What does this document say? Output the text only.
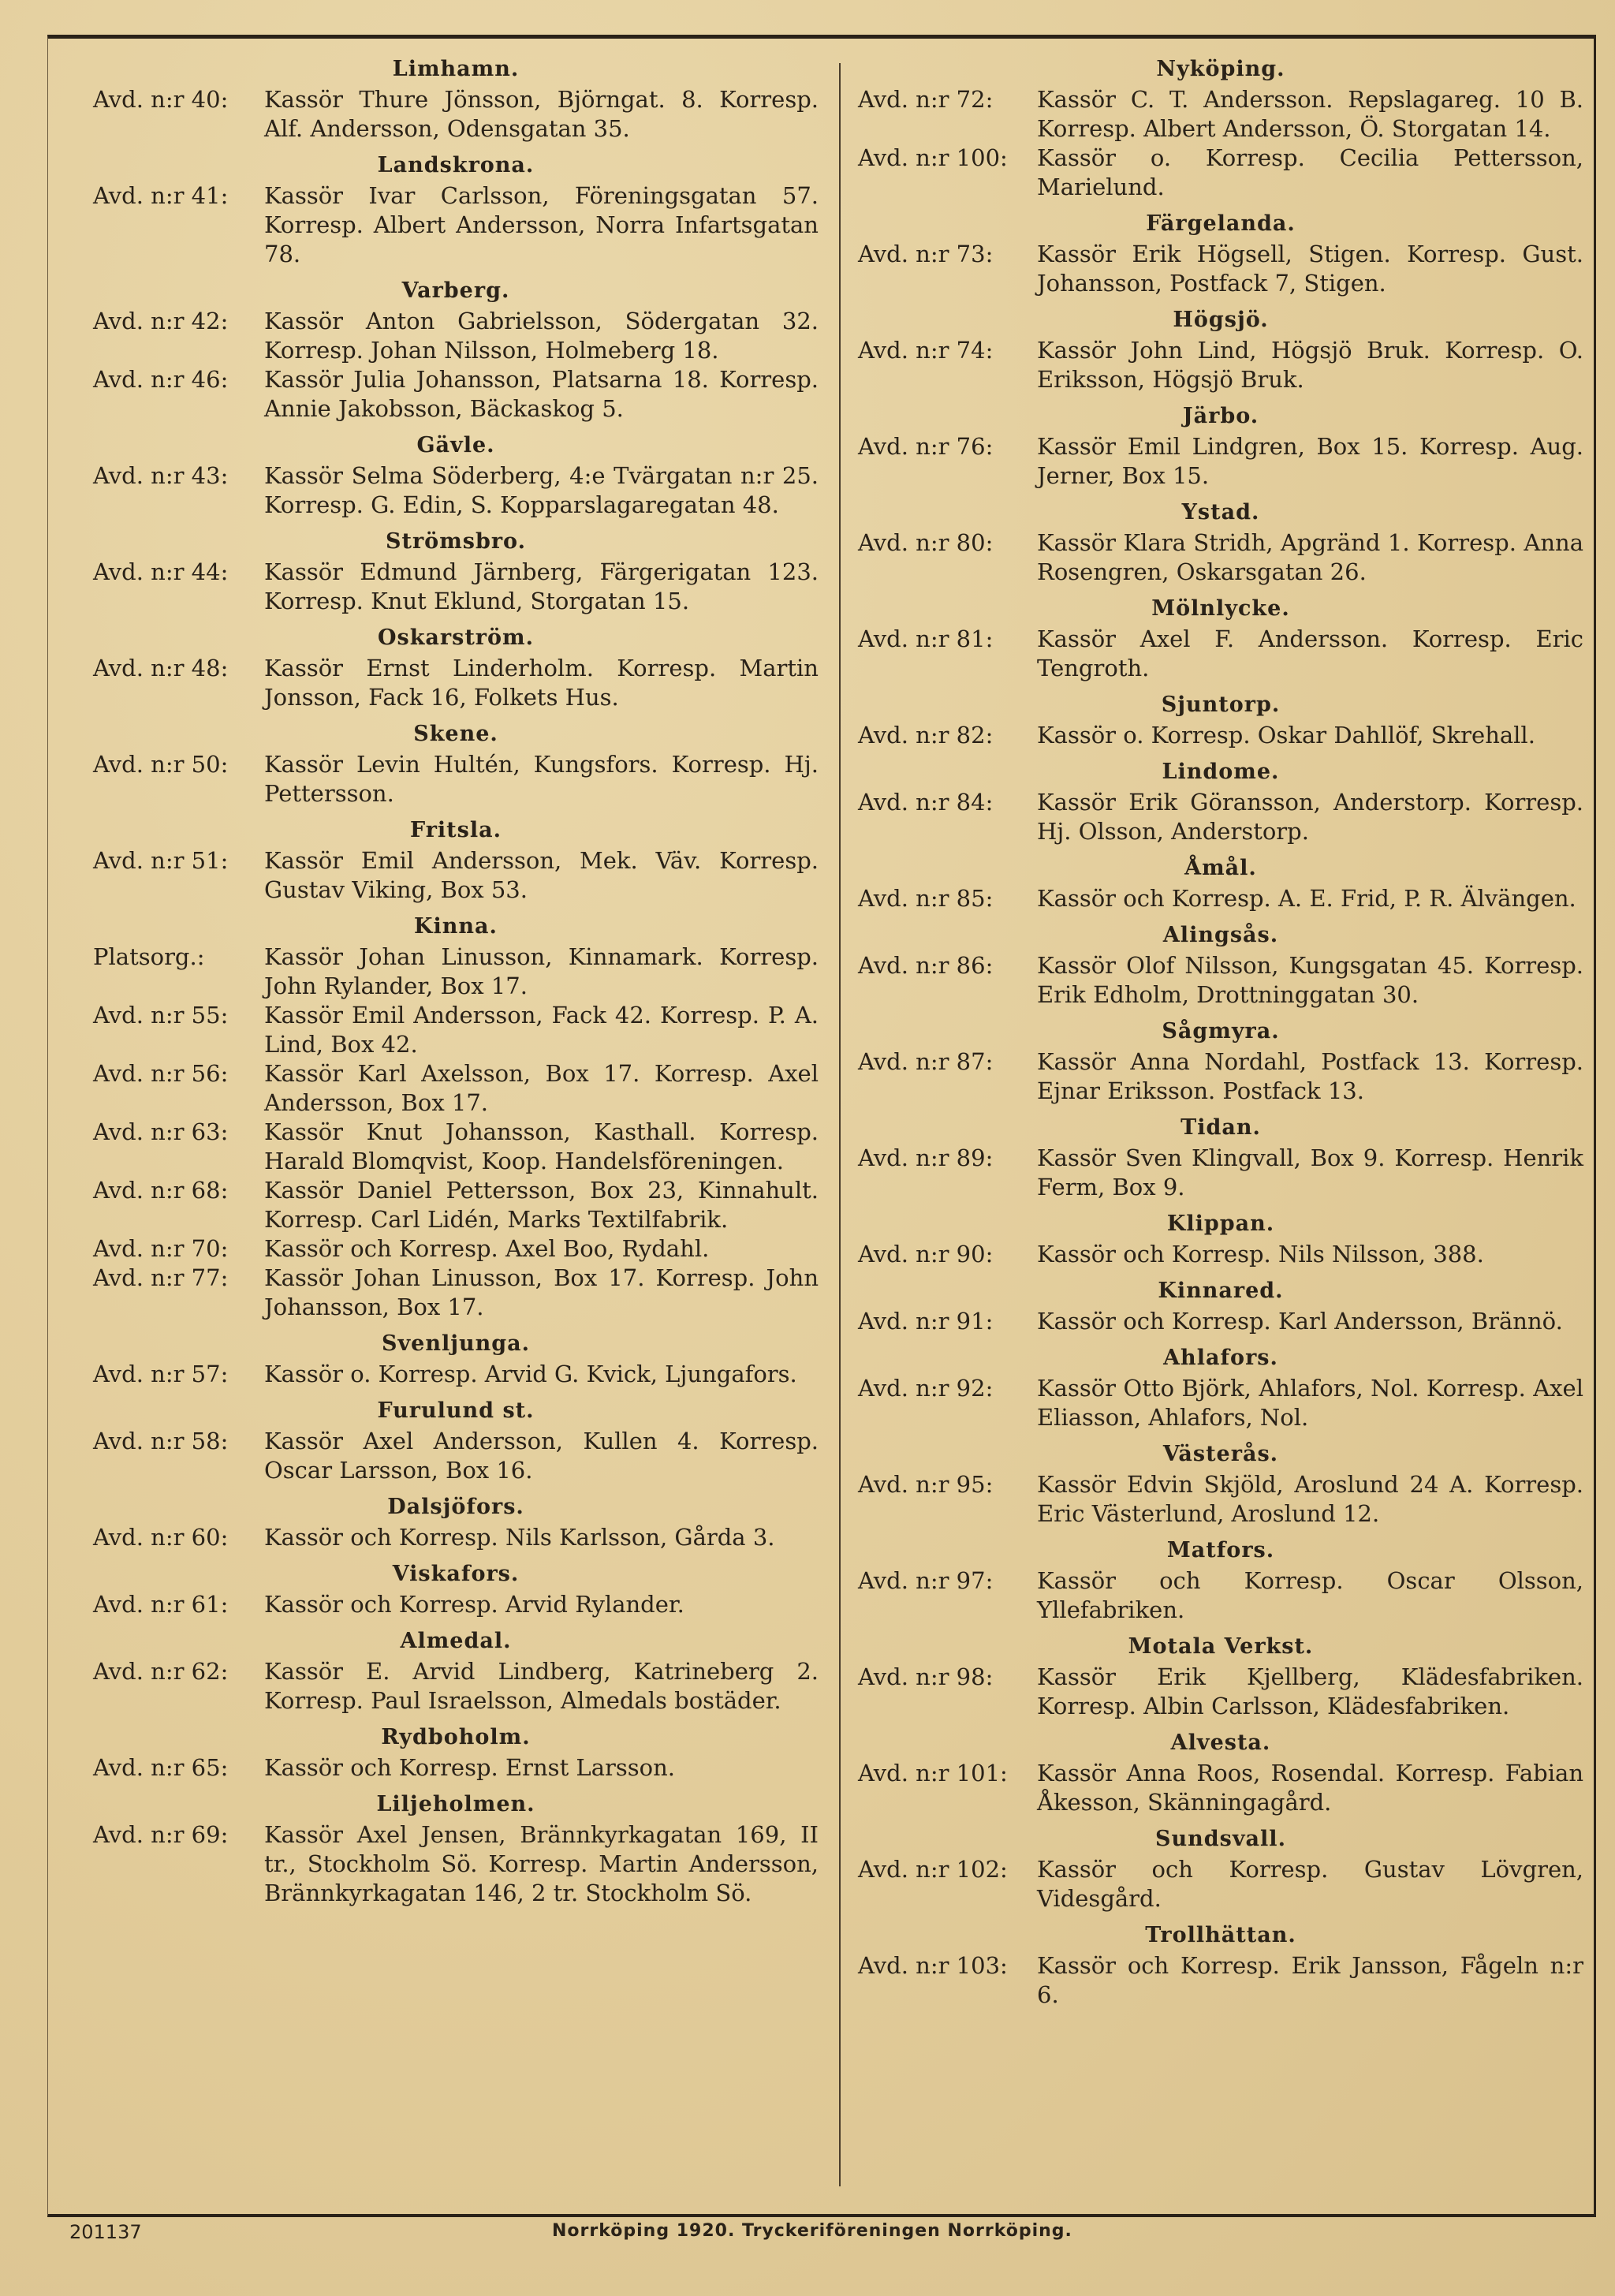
Limhamn.
Avd. n:r 40:	Kassör Thure Jönsson, Björngat. 8. Korresp. Alf. Andersson, Odensgatan 35.
Landskrona.
Avd. n:r 41:	Kassör Ivar Carlsson, Föreningsgatan 57. Korresp. Albert Andersson, Norra Infartsgatan 78.
Varberg.
Avd. n:r 42:	Kassör Anton Gabrielsson, Södergatan 32. Korresp. Johan Nilsson, Holmeberg 18.
Avd. n:r 46:	Kassör Julia Johansson, Platsarna 18. Korresp. Annie Jakobsson, Bäckaskog 5.
Gävle.
Avd. n:r 43:	Kassör Selma Söderberg, 4:e Tvärgatan n:r 25. Korresp. G. Edin, S. Kopparslagaregatan 48.
Strömsbro.
Avd. n:r 44:	Kassör Edmund Järnberg, Färgerigatan 123. Korresp. Knut Eklund, Storgatan 15.
Oskarström.
Avd. n:r 48:	Kassör Ernst Linderholm. Korresp. Martin Jonsson, Fack 16, Folkets Hus.
Skene.
Avd. n:r 50:	Kassör Levin Hultén, Kungsfors. Korresp. Hj. Pettersson.
Fritsla.
Avd. n:r 51:	Kassör Emil Andersson, Mek. Väv. Korresp. Gustav Viking, Box 53.
Kinna.
Platsorg.:	Kassör Johan Linusson, Kinnamark. Korresp. John Rylander, Box 17.
Avd. n:r 55:	Kassör Emil Andersson, Fack 42. Korresp. P. A. Lind, Box 42.
Avd. n:r 56:	Kassör Karl Axelsson, Box 17. Korresp. Axel Andersson, Box 17.
Avd. n:r 63:	Kassör Knut Johansson, Kasthall. Korresp. Harald Blomqvist, Koop. Handelsföreningen.
Avd. n:r 68:	Kassör Daniel Pettersson, Box 23, Kinnahult. Korresp. Carl Lidén, Marks Textilfabrik.
Avd. n:r 70:	Kassör och Korresp. Axel Boo, Rydahl.
Avd. n:r 77:	Kassör Johan Linusson, Box 17. Korresp. John Johansson, Box 17.
Svenljunga.
Avd. n:r 57:	Kassör o. Korresp. Arvid G. Kvick, Ljungafors.
Furulund st.
Avd. n:r 58:	Kassör Axel Andersson, Kullen 4. Korresp. Oscar Larsson, Box 16.
Dalsjöfors.
Avd. n:r 60:	Kassör och Korresp. Nils Karlsson, Gårda 3.
Viskafors.
Avd. n:r 61:	Kassör och Korresp. Arvid Rylander.
Almedal.
Avd. n:r 62:	Kassör E. Arvid Lindberg, Katrineberg 2. Korresp. Paul Israelsson, Almedals bostäder.
Rydboholm.
Avd. n:r 65:	Kassör och Korresp. Ernst Larsson.
Liljeholmen.
Avd. n:r 69:	Kassör Axel Jensen, Brännkyrkagatan 169, II tr., Stockholm Sö. Korresp. Martin Andersson, Brännkyrkagatan 146, 2 tr. Stockholm Sö.
Nyköping.
Avd. n:r 72:	Kassör C. T. Andersson. Repslagareg. 10 B. Korresp. Albert Andersson, Ö. Storgatan 14.
Avd. n:r 100:	Kassör o. Korresp. Cecilia Pettersson, Marielund.
Färgelanda.
Avd. n:r 73:	Kassör Erik Högsell, Stigen. Korresp. Gust. Johansson, Postfack 7, Stigen.
Högsjö.
Avd. n:r 74:	Kassör John Lind, Högsjö Bruk. Korresp. O. Eriksson, Högsjö Bruk.
Järbo.
Avd. n:r 76:	Kassör Emil Lindgren, Box 15. Korresp. Aug. Jerner, Box 15.
Ystad.
Avd. n:r 80:	Kassör Klara Stridh, Apgränd 1. Korresp. Anna Rosengren, Oskarsgatan 26.
Mölnlycke.
Avd. n:r 81:	Kassör Axel F. Andersson. Korresp. Eric Tengroth.
Sjuntorp.
Avd. n:r 82:	Kassör o. Korresp. Oskar Dahllöf, Skrehall.
Lindome.
Avd. n:r 84:	Kassör Erik Göransson, Anderstorp. Korresp. Hj. Olsson, Anderstorp.
Åmål.
Avd. n:r 85:	Kassör och Korresp. A. E. Frid, P. R. Älvängen.
Alingsås.
Avd. n:r 86:	Kassör Olof Nilsson, Kungsgatan 45. Korresp. Erik Edholm, Drottninggatan 30.
Sågmyra.
Avd. n:r 87:	Kassör Anna Nordahl, Postfack 13. Korresp. Ejnar Eriksson. Postfack 13.
Tidan.
Avd. n:r 89:	Kassör Sven Klingvall, Box 9. Korresp. Henrik Ferm, Box 9.
Klippan.
Avd. n:r 90:	Kassör och Korresp. Nils Nilsson, 388.
Kinnared.
Avd. n:r 91:	Kassör och Korresp. Karl Andersson, Brännö.
Ahlafors.
Avd. n:r 92:	Kassör Otto Björk, Ahlafors, Nol. Korresp. Axel Eliasson, Ahlafors, Nol.
Västerås.
Avd. n:r 95:	Kassör Edvin Skjöld, Aroslund 24 A. Korresp. Eric Västerlund, Aroslund 12.
Matfors.
Avd. n:r 97:	Kassör och Korresp. Oscar Olsson, Yllefabriken.
Motala Verkst.
Avd. n:r 98:	Kassör Erik Kjellberg, Klädesfabriken. Korresp. Albin Carlsson, Klädesfabriken.
Alvesta.
Avd. n:r 101:	Kassör Anna Roos, Rosendal. Korresp. Fabian Åkesson, Skänningagård.
Sundsvall.
Avd. n:r 102:	Kassör och Korresp. Gustav Lövgren, Videsgård.
Trollhättan.
Avd. n:r 103:	Kassör och Korresp. Erik Jansson, Fågeln n:r 6.
201137	Norrköping 1920. Tryckeriföreningen Norrköping.
